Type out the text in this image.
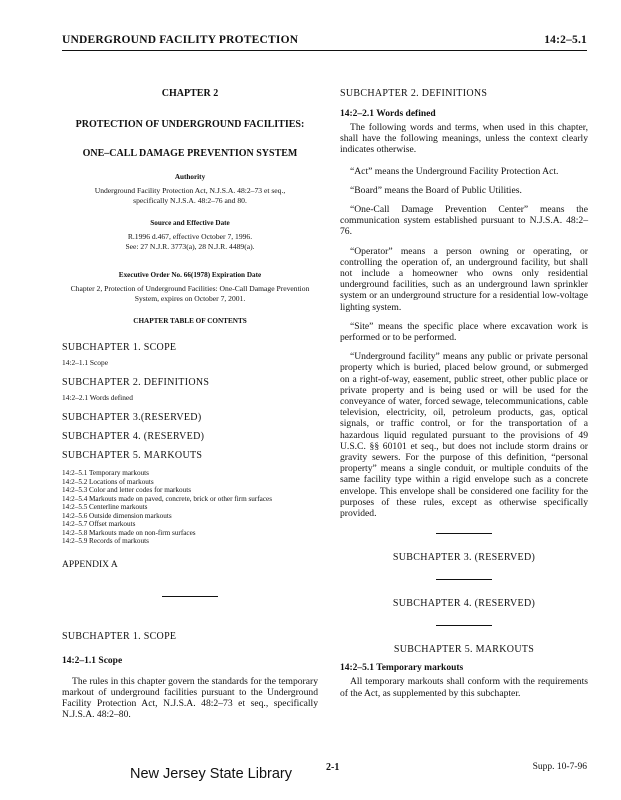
UNDERGROUND FACILITY PROTECTION	14:2–5.1

CHAPTER 2

PROTECTION OF UNDERGROUND FACILITIES:

ONE–CALL DAMAGE PREVENTION SYSTEM

Authority

Underground Facility Protection Act, N.J.S.A. 48:2–73 et seq., specifically N.J.S.A. 48:2–76 and 80.

Source and Effective Date

R.1996 d.467, effective October 7, 1996.

See: 27 N.J.R. 3773(a), 28 N.J.R. 4489(a).

Executive Order No. 66(1978) Expiration Date

Chapter 2, Protection of Underground Facilities: One-Call Damage Prevention System, expires on October 7, 2001.

CHAPTER TABLE OF CONTENTS

SUBCHAPTER 1. SCOPE

14:2–1.1 Scope

SUBCHAPTER 2. DEFINITIONS

14:2–2.1 Words defined

SUBCHAPTER 3.(RESERVED)

SUBCHAPTER 4. (RESERVED)

SUBCHAPTER 5. MARKOUTS

14:2–5.1 Temporary markouts
14:2–5.2 Locations of markouts
14:2–5.3 Color and letter codes for markouts
14:2–5.4 Markouts made on paved, concrete, brick or other firm surfaces
14:2–5.5 Centerline markouts
14:2–5.6 Outside dimension markouts
14:2–5.7 Offset markouts
14:2–5.8 Markouts made on non-firm surfaces
14:2–5.9 Records of markouts

APPENDIX A

SUBCHAPTER 1. SCOPE

14:2–1.1 Scope

The rules in this chapter govern the standards for the temporary markout of underground facilities pursuant to the Underground Facility Protection Act, N.J.S.A. 48:2–73 et seq., specifically N.J.S.A. 48:2–80.

SUBCHAPTER 2. DEFINITIONS

14:2–2.1 Words defined

The following words and terms, when used in this chapter, shall have the following meanings, unless the context clearly indicates otherwise.

“Act” means the Underground Facility Protection Act.

“Board” means the Board of Public Utilities.

“One-Call Damage Prevention Center” means the communication system established pursuant to N.J.S.A. 48:2–76.

“Operator” means a person owning or operating, or controlling the operation of, an underground facility, but shall not include a homeowner who owns only residential underground facilities, such as an underground lawn sprinkler system or an underground structure for a residential low-voltage lighting system.

“Site” means the specific place where excavation work is performed or to be performed.

“Underground facility” means any public or private personal property which is buried, placed below ground, or submerged on a right-of-way, easement, public street, other public place or private property and is being used or will be used for the conveyance of water, forced sewage, telecommunications, cable television, electricity, oil, petroleum products, gas, optical signals, or traffic control, or for the transportation of a hazardous liquid regulated pursuant to the provisions of 49 U.S.C. §§ 60101 et seq., but does not include storm drains or gravity sewers. For the purpose of this definition, “personal property” means a single conduit, or multiple conduits of the same facility type within a rigid envelope such as a concrete envelope. This envelope shall be considered one facility for the purposes of these rules, except as otherwise specifically provided.

SUBCHAPTER 3. (RESERVED)

SUBCHAPTER 4. (RESERVED)

SUBCHAPTER 5. MARKOUTS

14:2–5.1 Temporary markouts

All temporary markouts shall conform with the requirements of the Act, as supplemented by this subchapter.

New Jersey State Library	2-1	Supp. 10-7-96
